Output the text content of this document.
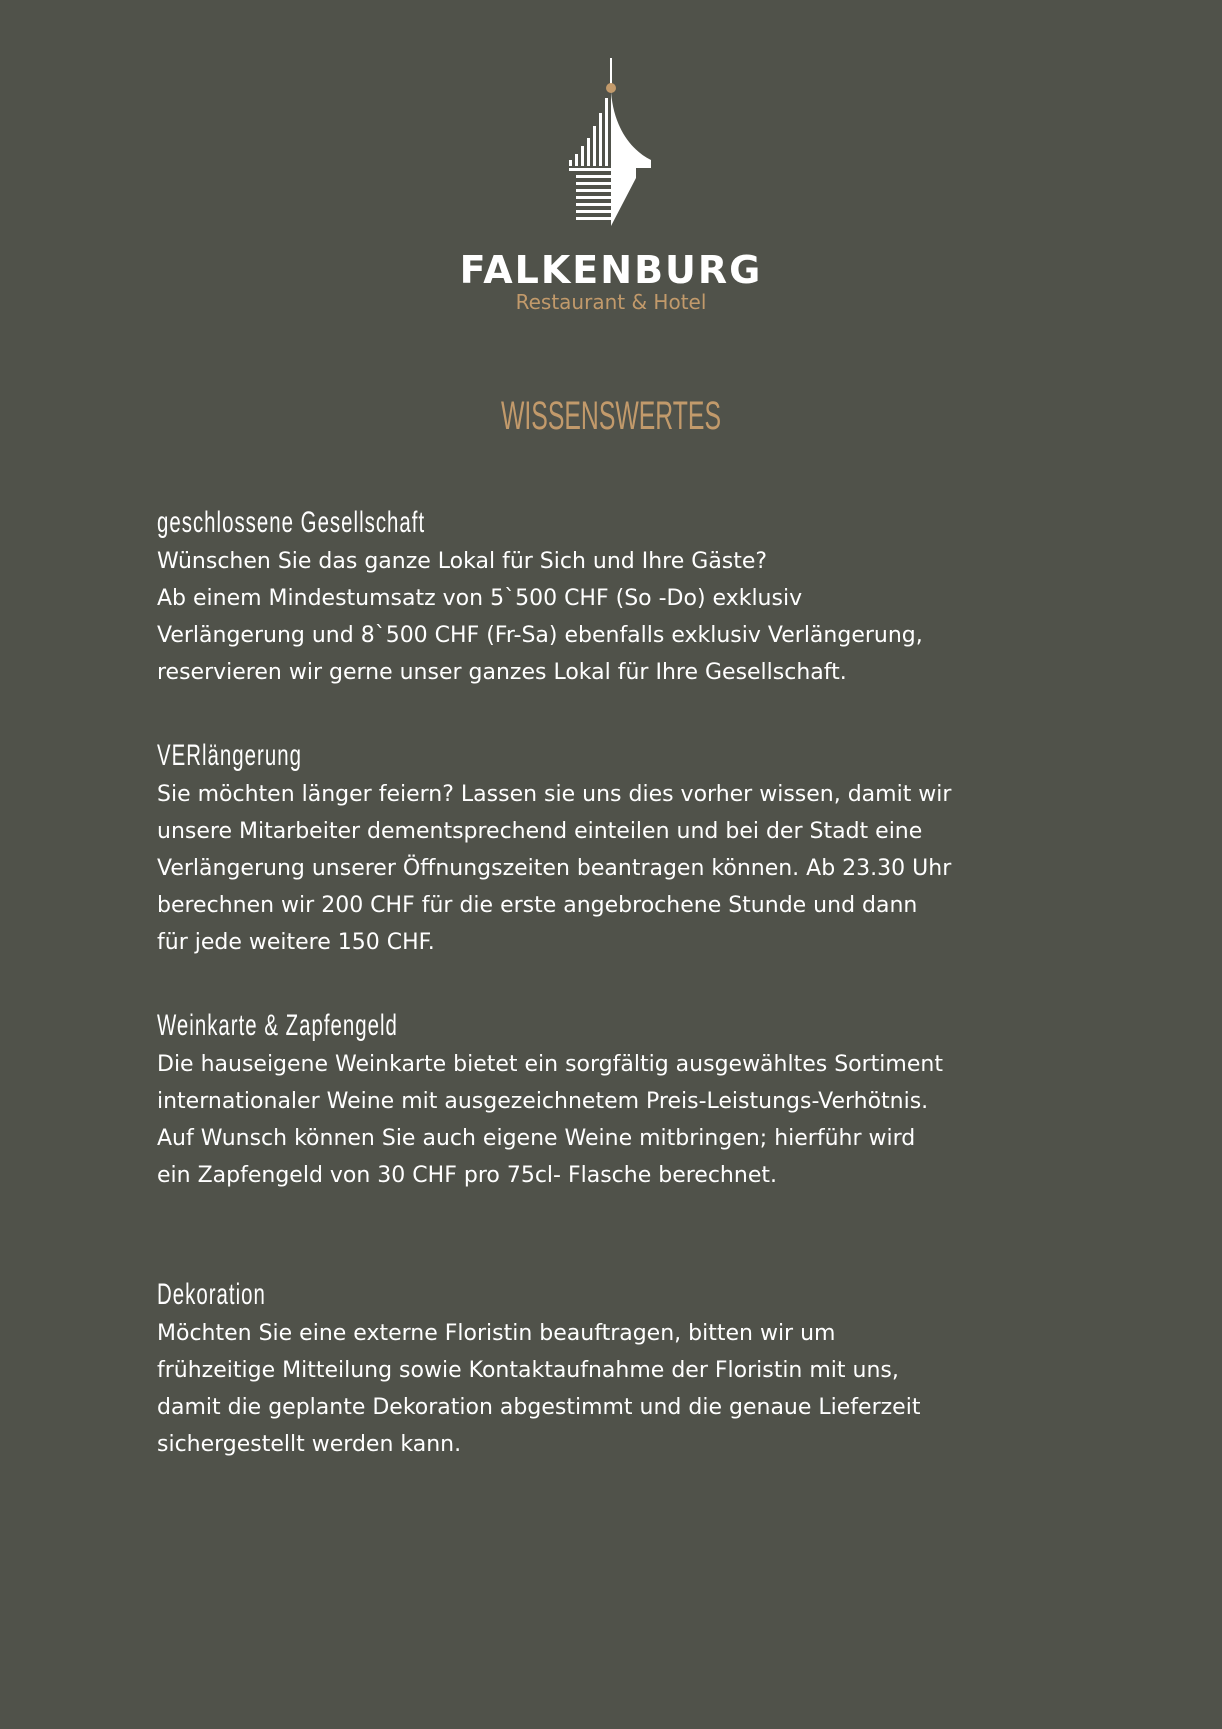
FALKENBURG
Restaurant & Hotel
WISSENSWERTES
geschlossene Gesellschaft

Wünschen Sie das ganze Lokal für Sich und Ihre Gäste?
Ab einem Mindestumsatz von 5`500 CHF (So -Do) exklusiv
Verlängerung und 8`500 CHF (Fr-Sa) ebenfalls exklusiv Verlängerung,
reservieren wir gerne unser ganzes Lokal für Ihre Gesellschaft.

VERlängerung

Sie möchten länger feiern? Lassen sie uns dies vorher wissen, damit wir
unsere Mitarbeiter dementsprechend einteilen und bei der Stadt eine
Verlängerung unserer Öffnungszeiten beantragen können. Ab 23.30 Uhr
berechnen wir 200 CHF für die erste angebrochene Stunde und dann
für jede weitere 150 CHF.

Weinkarte & Zapfengeld

Die hauseigene Weinkarte bietet ein sorgfältig ausgewähltes Sortiment
internationaler Weine mit ausgezeichnetem Preis-Leistungs-Verhötnis.
Auf Wunsch können Sie auch eigene Weine mitbringen; hierführ wird
ein Zapfengeld von 30 CHF pro 75cl- Flasche berechnet.

Dekoration

Möchten Sie eine externe Floristin beauftragen, bitten wir um
frühzeitige Mitteilung sowie Kontaktaufnahme der Floristin mit uns,
damit die geplante Dekoration abgestimmt und die genaue Lieferzeit
sichergestellt werden kann.
